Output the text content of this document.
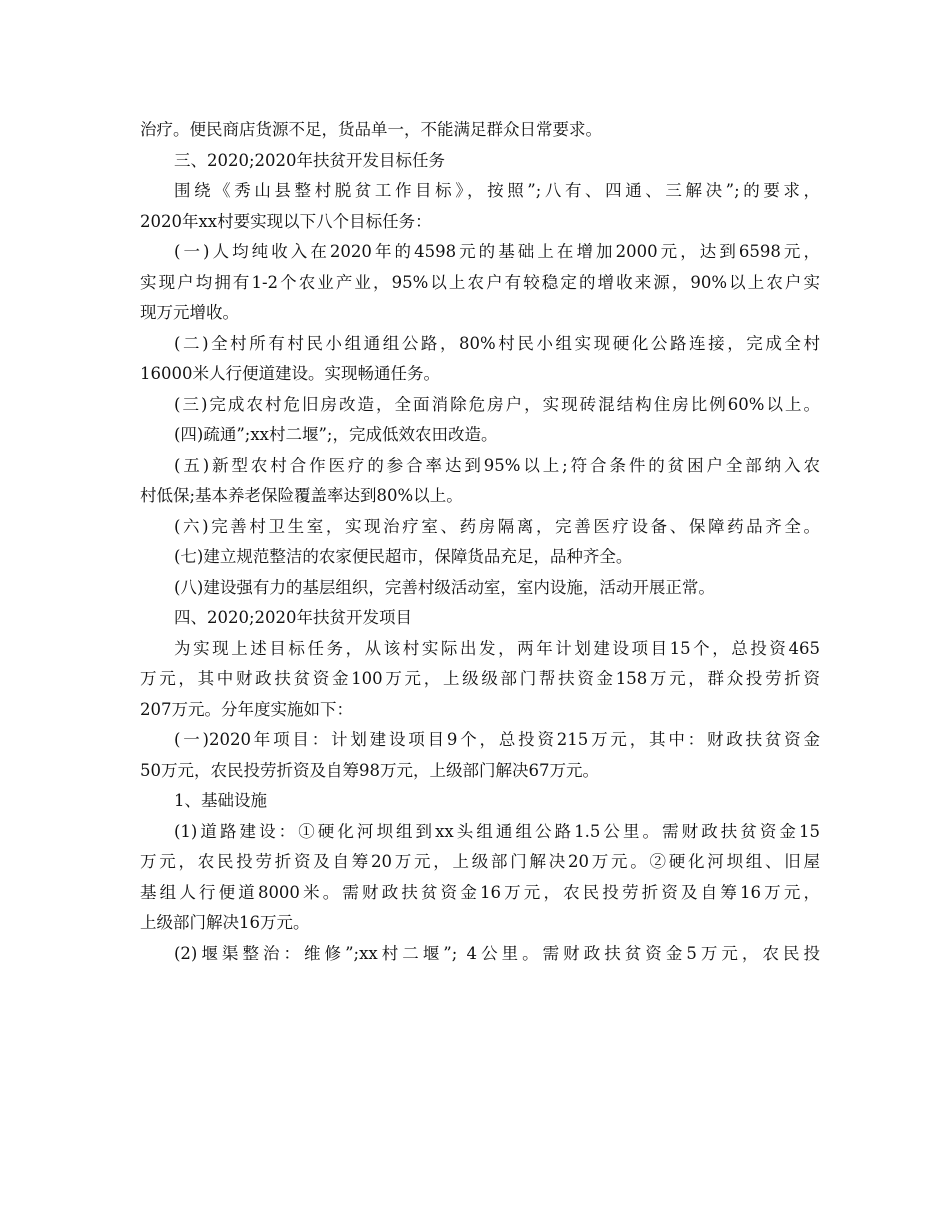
治疗。便民商店货源不足，货品单一，不能满足群众日常要求。
三、2020;2020年扶贫开发目标任务
围绕《秀山县整村脱贫工作目标》，按照”;八有、四通、三解决”;的要求，
2020年xx村要实现以下八个目标任务：
(一)人均纯收入在2020年的4598元的基础上在增加2000元，达到6598元，
实现户均拥有1-2个农业产业，95%以上农户有较稳定的增收来源，90%以上农户实
现万元增收。
(二)全村所有村民小组通组公路，80%村民小组实现硬化公路连接，完成全村
16000米人行便道建设。实现畅通任务。
(三)完成农村危旧房改造，全面消除危房户，实现砖混结构住房比例60%以上。
(四)疏通”;xx村二堰”;，完成低效农田改造。
(五)新型农村合作医疗的参合率达到95%以上;符合条件的贫困户全部纳入农
村低保;基本养老保险覆盖率达到80%以上。
(六)完善村卫生室，实现治疗室、药房隔离，完善医疗设备、保障药品齐全。
(七)建立规范整洁的农家便民超市，保障货品充足，品种齐全。
(八)建设强有力的基层组织，完善村级活动室，室内设施，活动开展正常。
四、2020;2020年扶贫开发项目
为实现上述目标任务，从该村实际出发，两年计划建设项目15个，总投资465
万元，其中财政扶贫资金100万元，上级级部门帮扶资金158万元，群众投劳折资
207万元。分年度实施如下：
(一)2020年项目：计划建设项目9个，总投资215万元，其中：财政扶贫资金
50万元，农民投劳折资及自筹98万元，上级部门解决67万元。
1、基础设施
(1)道路建设：①硬化河坝组到xx头组通组公路1.5公里。需财政扶贫资金15
万元，农民投劳折资及自筹20万元，上级部门解决20万元。②硬化河坝组、旧屋
基组人行便道8000米。需财政扶贫资金16万元，农民投劳折资及自筹16万元，
上级部门解决16万元。
(2)堰渠整治：维修”;xx村二堰”; 4公里。需财政扶贫资金5万元，农民投
